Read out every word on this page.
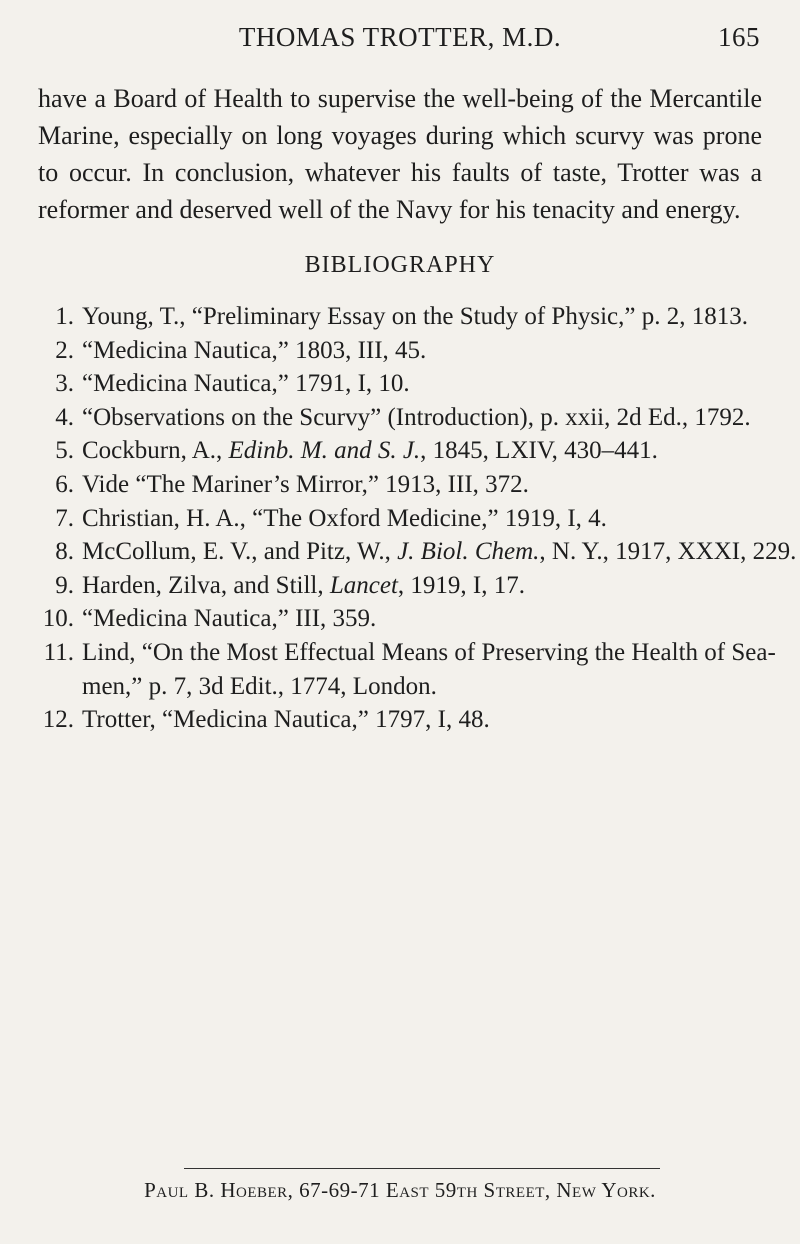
THOMAS TROTTER, M.D.	165

have a Board of Health to supervise the well-being of the Mercantile Marine, especially on long voyages during which scurvy was prone to occur. In conclusion, whatever his faults of taste, Trotter was a reformer and deserved well of the Navy for his tenacity and energy.

BIBLIOGRAPHY
1. Young, T., “Preliminary Essay on the Study of Physic,” p. 2, 1813.
2. “Medicina Nautica,” 1803, III, 45.
3. “Medicina Nautica,” 1791, I, 10.
4. “Observations on the Scurvy” (Introduction), p. xxii, 2d Ed., 1792.
5. Cockburn, A., Edinb. M. and S. J., 1845, LXIV, 430–441.
6. Vide “The Mariner’s Mirror,” 1913, III, 372.
7. Christian, H. A., “The Oxford Medicine,” 1919, I, 4.
8. McCollum, E. V., and Pitz, W., J. Biol. Chem., N. Y., 1917, XXXI, 229.
9. Harden, Zilva, and Still, Lancet, 1919, I, 17.
10. “Medicina Nautica,” III, 359.
11. Lind, “On the Most Effectual Means of Preserving the Health of Sea-
men,” p. 7, 3d Edit., 1774, London.
12. Trotter, “Medicina Nautica,” 1797, I, 48.
Paul B. Hoeber, 67-69-71 East 59th Street, New York.
